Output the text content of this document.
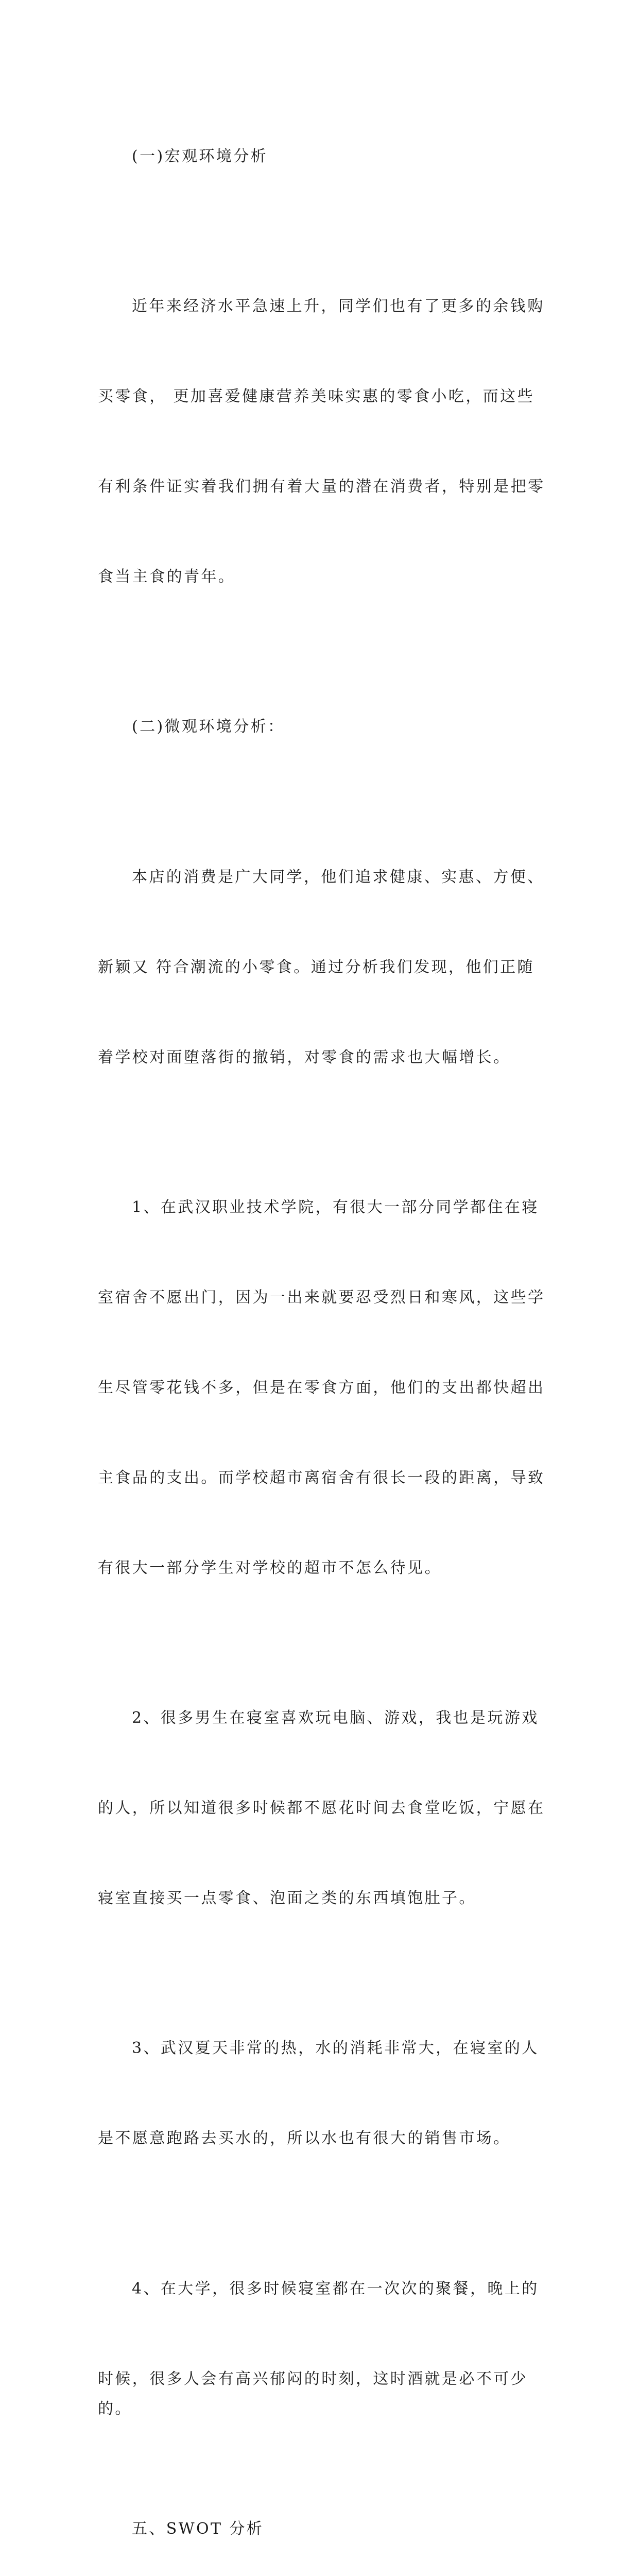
(一)宏观环境分析

近年来经济水平急速上升，同学们也有了更多的余钱购

买零食， 更加喜爱健康营养美味实惠的零食小吃，而这些

有利条件证实着我们拥有着大量的潜在消费者，特别是把零

食当主食的青年。

(二)微观环境分析：

本店的消费是广大同学，他们追求健康、实惠、方便、

新颖又 符合潮流的小零食。通过分析我们发现，他们正随

着学校对面堕落街的撤销，对零食的需求也大幅增长。

1、在武汉职业技术学院，有很大一部分同学都住在寝

室宿舍不愿出门，因为一出来就要忍受烈日和寒风，这些学

生尽管零花钱不多，但是在零食方面，他们的支出都快超出

主食品的支出。而学校超市离宿舍有很长一段的距离，导致

有很大一部分学生对学校的超市不怎么待见。

2、很多男生在寝室喜欢玩电脑、游戏，我也是玩游戏

的人，所以知道很多时候都不愿花时间去食堂吃饭，宁愿在

寝室直接买一点零食、泡面之类的东西填饱肚子。

3、武汉夏天非常的热，水的消耗非常大，在寝室的人

是不愿意跑路去买水的，所以水也有很大的销售市场。

4、在大学，很多时候寝室都在一次次的聚餐，晚上的

时候，很多人会有高兴郁闷的时刻，这时酒就是必不可少的。

五、SWOT 分析
